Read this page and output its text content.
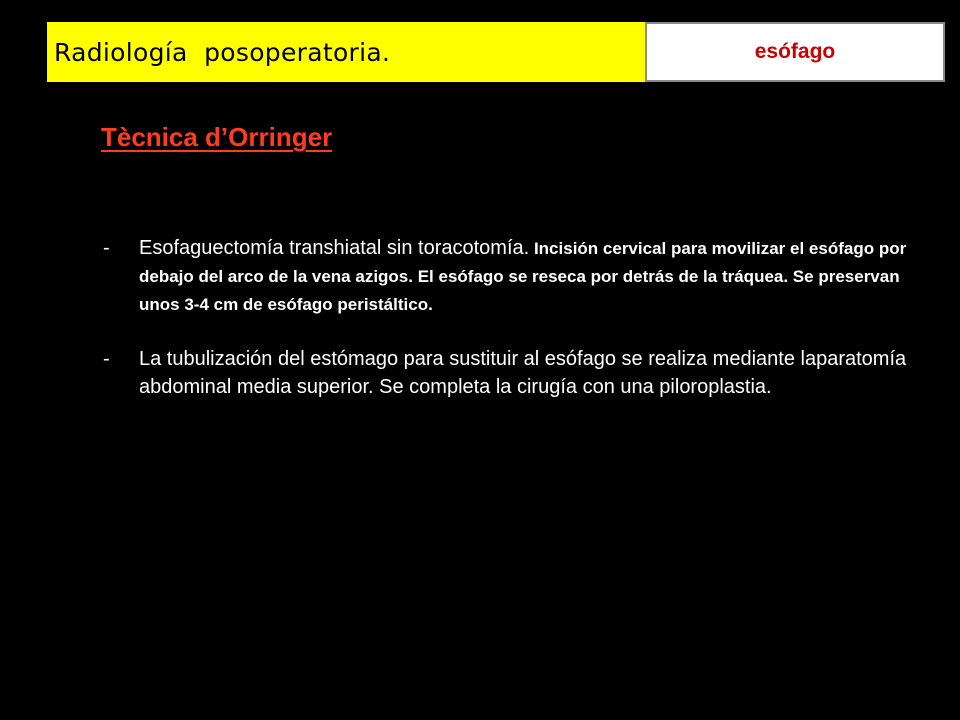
Radiología  posoperatoria.	esófago
Tècnica d’Orringer
-	Esofaguectomía transhiatal sin toracotomía. Incisión cervical para movilizar el esófago por debajo del arco de la vena azigos. El esófago se reseca por detrás de la tráquea. Se preservan unos 3-4 cm de esófago peristáltico.
-	La tubulización del estómago para sustituir al esófago se realiza mediante laparatomía abdominal media superior. Se completa la cirugía con una piloroplastia.
